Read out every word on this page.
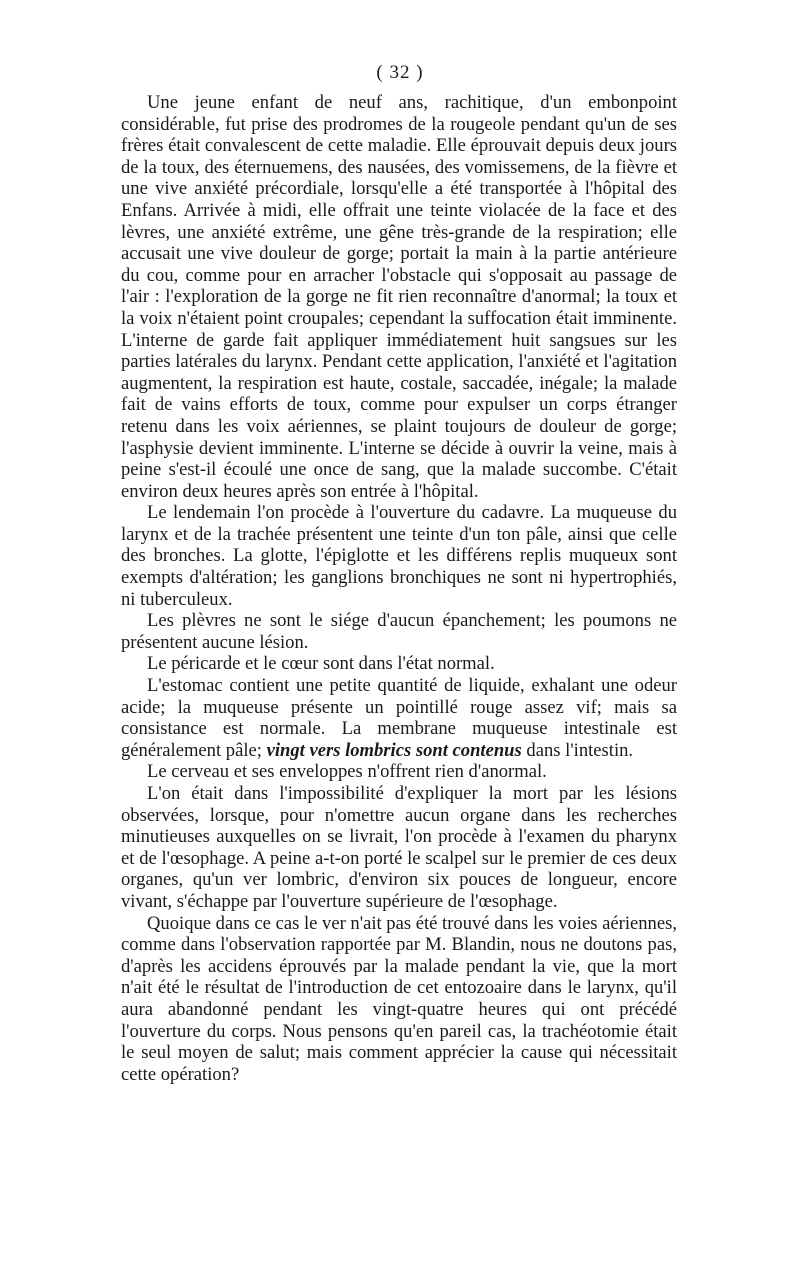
( 32 )

Une jeune enfant de neuf ans, rachitique, d'un embonpoint considérable, fut prise des prodromes de la rougeole pendant qu'un de ses frères était convalescent de cette maladie. Elle éprouvait depuis deux jours de la toux, des éternuemens, des nausées, des vomissemens, de la fièvre et une vive anxiété précordiale, lorsqu'elle a été transportée à l'hôpital des Enfans. Arrivée à midi, elle offrait une teinte violacée de la face et des lèvres, une anxiété extrême, une gêne très-grande de la respiration; elle accusait une vive douleur de gorge; portait la main à la partie antérieure du cou, comme pour en arracher l'obstacle qui s'opposait au passage de l'air : l'exploration de la gorge ne fit rien reconnaître d'anormal; la toux et la voix n'étaient point croupales; cependant la suffocation était imminente. L'interne de garde fait appliquer immédiatement huit sangsues sur les parties latérales du larynx. Pendant cette application, l'anxiété et l'agitation augmentent, la respiration est haute, costale, saccadée, inégale; la malade fait de vains efforts de toux, comme pour expulser un corps étranger retenu dans les voix aériennes, se plaint toujours de douleur de gorge; l'asphysie devient imminente. L'interne se décide à ouvrir la veine, mais à peine s'est-il écoulé une once de sang, que la malade succombe. C'était environ deux heures après son entrée à l'hôpital.

Le lendemain l'on procède à l'ouverture du cadavre. La muqueuse du larynx et de la trachée présentent une teinte d'un ton pâle, ainsi que celle des bronches. La glotte, l'épiglotte et les différens replis muqueux sont exempts d'altération; les ganglions bronchiques ne sont ni hypertrophiés, ni tuberculeux.

Les plèvres ne sont le siége d'aucun épanchement; les poumons ne présentent aucune lésion.

Le péricarde et le cœur sont dans l'état normal.

L'estomac contient une petite quantité de liquide, exhalant une odeur acide; la muqueuse présente un pointillé rouge assez vif; mais sa consistance est normale. La membrane muqueuse intestinale est généralement pâle; vingt vers lombrics sont contenus dans l'intestin.

Le cerveau et ses enveloppes n'offrent rien d'anormal.

L'on était dans l'impossibilité d'expliquer la mort par les lésions observées, lorsque, pour n'omettre aucun organe dans les recherches minutieuses auxquelles on se livrait, l'on procède à l'examen du pharynx et de l'œsophage. A peine a-t-on porté le scalpel sur le premier de ces deux organes, qu'un ver lombric, d'environ six pouces de longueur, encore vivant, s'échappe par l'ouverture supérieure de l'œsophage.

Quoique dans ce cas le ver n'ait pas été trouvé dans les voies aériennes, comme dans l'observation rapportée par M. Blandin, nous ne doutons pas, d'après les accidens éprouvés par la malade pendant la vie, que la mort n'ait été le résultat de l'introduction de cet entozoaire dans le larynx, qu'il aura abandonné pendant les vingt-quatre heures qui ont précédé l'ouverture du corps. Nous pensons qu'en pareil cas, la trachéotomie était le seul moyen de salut; mais comment apprécier la cause qui nécessitait cette opération?
